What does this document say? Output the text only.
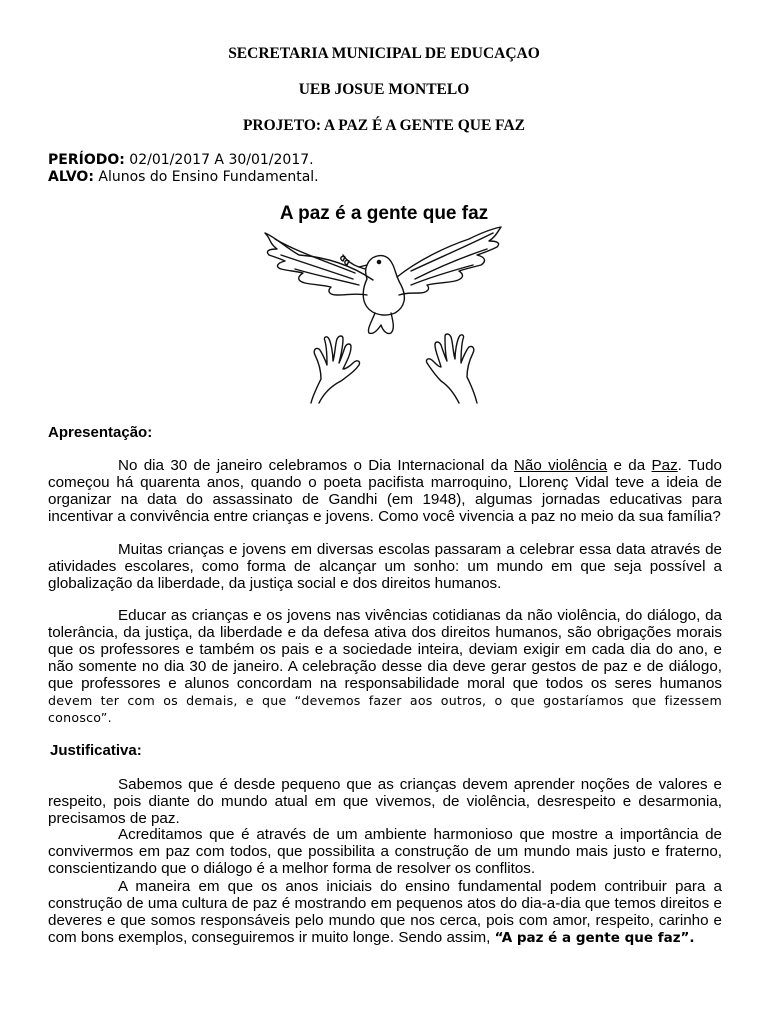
SECRETARIA MUNICIPAL DE EDUCAÇAO
UEB JOSUE MONTELO
PROJETO: A PAZ É A GENTE QUE FAZ
PERÍODO: 02/01/2017 A 30/01/2017.
ALVO: Alunos do Ensino Fundamental.
A paz é a gente que faz
Apresentação:

No dia 30 de janeiro celebramos o Dia Internacional da Não violência e da Paz. Tudo começou há quarenta anos, quando o poeta pacifista marroquino, Llorenç Vidal teve a ideia de organizar na data do assassinato de Gandhi (em 1948), algumas jornadas educativas para incentivar a convivência entre crianças e jovens. Como você vivencia a paz no meio da sua família?

Muitas crianças e jovens em diversas escolas passaram a celebrar essa data através de atividades escolares, como forma de alcançar um sonho: um mundo em que seja possível a globalização da liberdade, da justiça social e dos direitos humanos.

Educar as crianças e os jovens nas vivências cotidianas da não violência, do diálogo, da tolerância, da justiça, da liberdade e da defesa ativa dos direitos humanos, são obrigações morais que os professores e também os pais e a sociedade inteira, deviam exigir em cada dia do ano, e não somente no dia 30 de janeiro. A celebração desse dia deve gerar gestos de paz e de diálogo, que professores e alunos concordam na responsabilidade moral que todos os seres humanos devem ter com os demais, e que “devemos fazer aos outros, o que gostaríamos que fizessem conosco”.

Justificativa:

Sabemos que é desde pequeno que as crianças devem aprender noções de valores e respeito, pois diante do mundo atual em que vivemos, de violência, desrespeito e desarmonia, precisamos de paz.

Acreditamos que é através de um ambiente harmonioso que mostre a importância de convivermos em paz com todos, que possibilita a construção de um mundo mais justo e fraterno, conscientizando que o diálogo é a melhor forma de resolver os conflitos.

A maneira em que os anos iniciais do ensino fundamental podem contribuir para a construção de uma cultura de paz é mostrando em pequenos atos do dia-a-dia que temos direitos e deveres e que somos responsáveis pelo mundo que nos cerca, pois com amor, respeito, carinho e com bons exemplos, conseguiremos ir muito longe. Sendo assim, “A paz é a gente que faz”.
